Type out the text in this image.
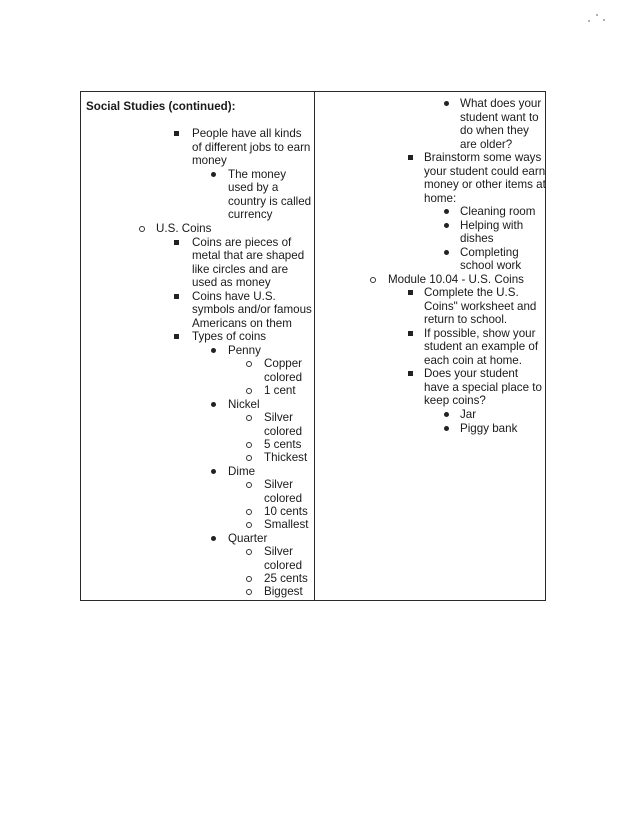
Social Studies (continued):
People have all kinds
of different jobs to earn
money
The money
used by a
country is called
currency
U.S. Coins
Coins are pieces of
metal that are shaped
like circles and are
used as money
Coins have U.S.
symbols and/or famous
Americans on them
Types of coins
Penny
Copper
colored
1 cent
Nickel
Silver
colored
5 cents
Thickest
Dime
Silver
colored
10 cents
Smallest
Quarter
Silver
colored
25 cents
Biggest
What does your
student want to
do when they
are older?
Brainstorm some ways
your student could earn
money or other items at
home:
Cleaning room
Helping with
dishes
Completing
school work
Module 10.04 - U.S. Coins
Complete the U.S.
Coins" worksheet and
return to school.
If possible, show your
student an example of
each coin at home.
Does your student
have a special place to
keep coins?
Jar
Piggy bank
